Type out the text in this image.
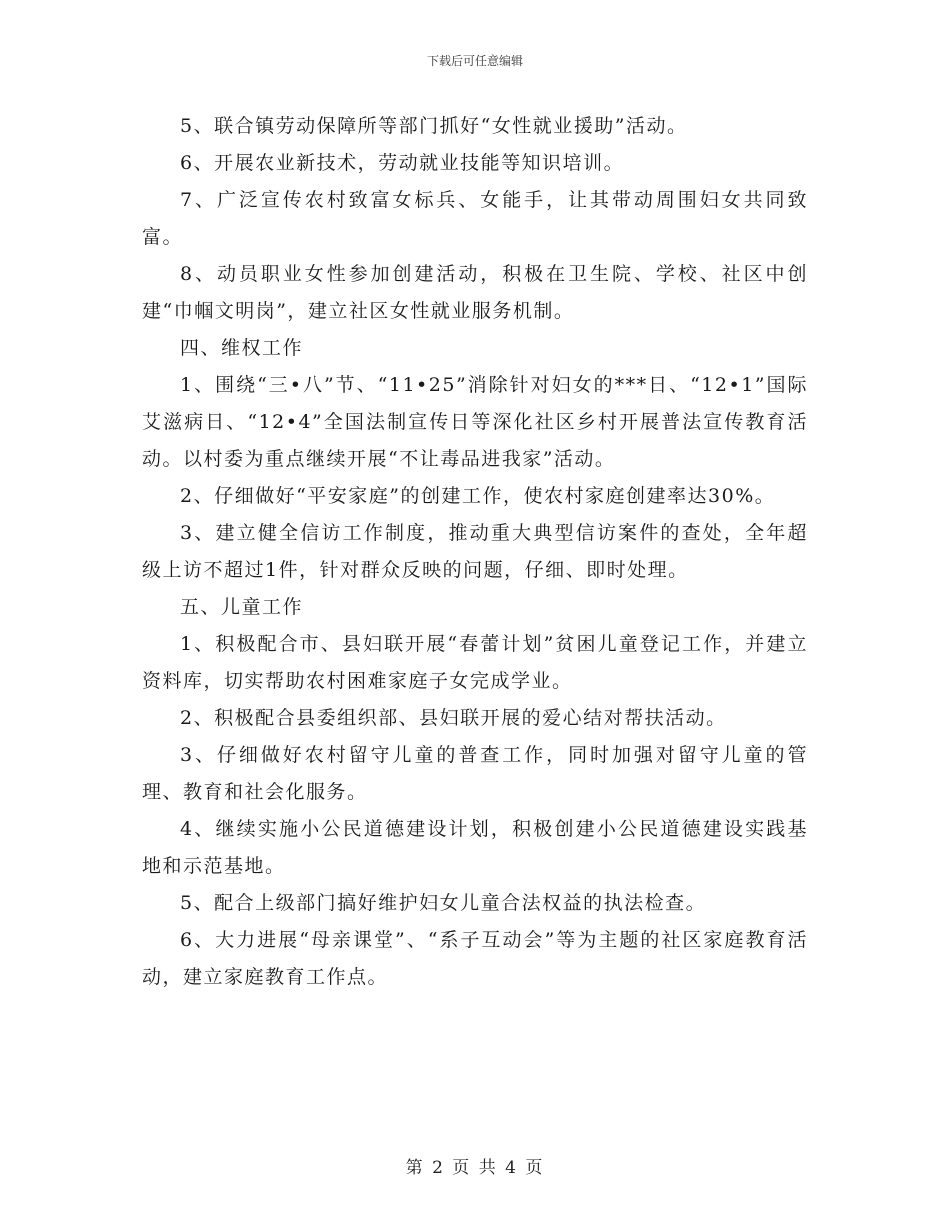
下载后可任意编辑

5、联合镇劳动保障所等部门抓好“女性就业援助”活动。

6、开展农业新技术，劳动就业技能等知识培训。

7、广泛宣传农村致富女标兵、女能手，让其带动周围妇女共同致富。

8、动员职业女性参加创建活动，积极在卫生院、学校、社区中创建“巾帼文明岗”，建立社区女性就业服务机制。

四、维权工作

1、围绕“三•八”节、“11•25”消除针对妇女的***日、“12•1”国际艾滋病日、“12•4”全国法制宣传日等深化社区乡村开展普法宣传教育活动。以村委为重点继续开展“不让毒品进我家”活动。

2、仔细做好“平安家庭”的创建工作，使农村家庭创建率达30%。

3、建立健全信访工作制度，推动重大典型信访案件的查处，全年超级上访不超过1件，针对群众反映的问题，仔细、即时处理。

五、儿童工作

1、积极配合市、县妇联开展“春蕾计划”贫困儿童登记工作，并建立资料库，切实帮助农村困难家庭子女完成学业。

2、积极配合县委组织部、县妇联开展的爱心结对帮扶活动。

3、仔细做好农村留守儿童的普查工作，同时加强对留守儿童的管理、教育和社会化服务。

4、继续实施小公民道德建设计划，积极创建小公民道德建设实践基地和示范基地。

5、配合上级部门搞好维护妇女儿童合法权益的执法检查。

6、大力进展“母亲课堂”、“系子互动会”等为主题的社区家庭教育活动，建立家庭教育工作点。

第 2 页 共 4 页
